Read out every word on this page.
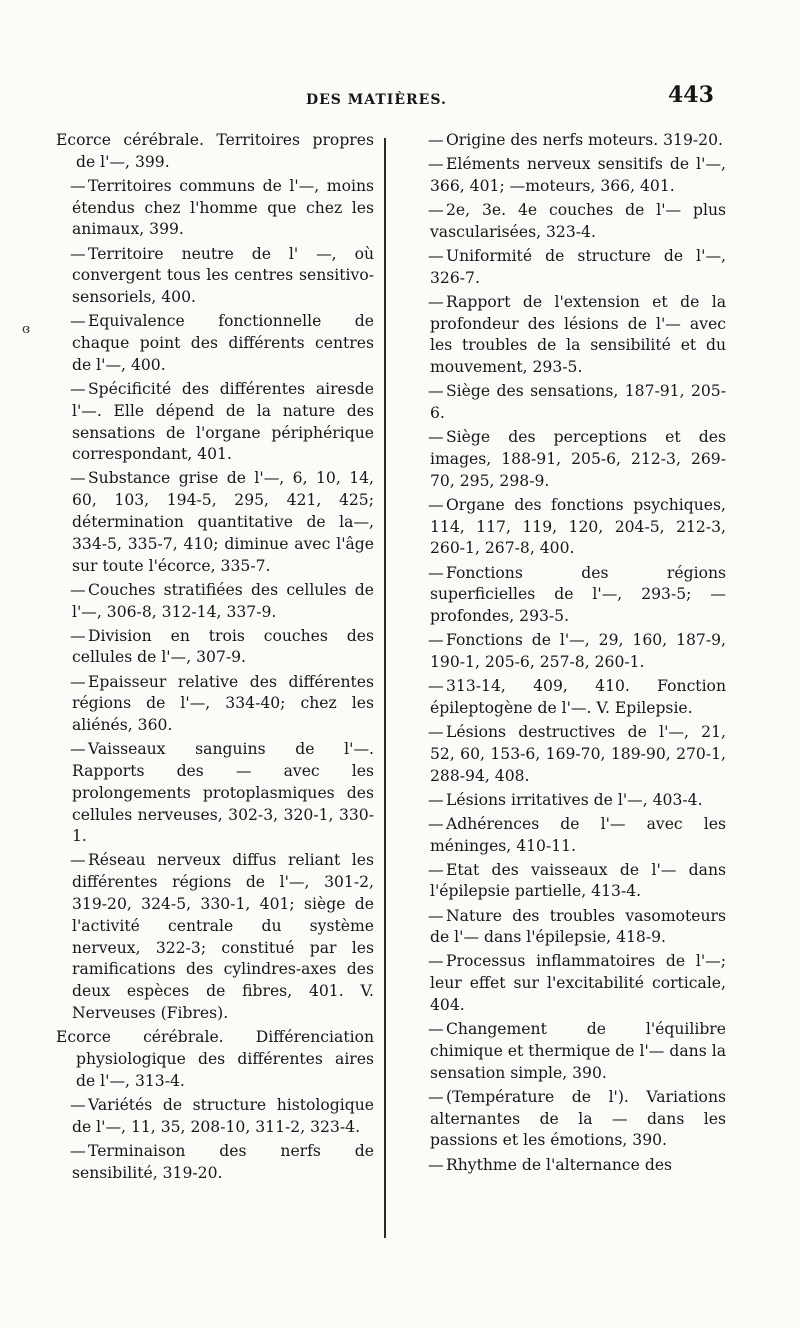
DES MATIÈRES.	443
ɞ

Ecorce cérébrale. Territoires propres de l'—, 399.

— Territoires communs de l'—, moins étendus chez l'homme que chez les animaux, 399.

— Territoire neutre de l' —, où convergent tous les centres sensitivo-sensoriels, 400.

— Equivalence fonctionnelle de chaque point des différents centres de l'—, 400.

— Spécificité des différentes airesde l'—. Elle dépend de la nature des sensations de l'organe périphérique correspondant, 401.

— Substance grise de l'—, 6, 10, 14, 60, 103, 194-5, 295, 421, 425; détermination quantitative de la—, 334-5, 335-7, 410; diminue avec l'âge sur toute l'écorce, 335-7.

— Couches stratifiées des cellules de l'—, 306-8, 312-14, 337-9.

— Division en trois couches des cellules de l'—, 307-9.

— Epaisseur relative des différentes régions de l'—, 334-40; chez les aliénés, 360.

— Vaisseaux sanguins de l'—. Rapports des — avec les prolongements protoplasmiques des cellules nerveuses, 302-3, 320-1, 330-1.

— Réseau nerveux diffus reliant les différentes régions de l'—, 301-2, 319-20, 324-5, 330-1, 401; siège de l'activité centrale du système nerveux, 322-3; constitué par les ramifications des cylindres-axes des deux espèces de fibres, 401. V. Nerveuses (Fibres).

Ecorce cérébrale. Différenciation physiologique des différentes aires de l'—, 313-4.

— Variétés de structure histologique de l'—, 11, 35, 208-10, 311-2, 323-4.

— Terminaison des nerfs de sensibilité, 319-20.

— Origine des nerfs moteurs. 319-20.

— Eléments nerveux sensitifs de l'—, 366, 401; —moteurs, 366, 401.

— 2e, 3e. 4e couches de l'— plus vascularisées, 323-4.

— Uniformité de structure de l'—, 326-7.

— Rapport de l'extension et de la profondeur des lésions de l'— avec les troubles de la sensibilité et du mouvement, 293-5.

— Siège des sensations, 187-91, 205-6.

— Siège des perceptions et des images, 188-91, 205-6, 212-3, 269-70, 295, 298-9.

— Organe des fonctions psychiques, 114, 117, 119, 120, 204-5, 212-3, 260-1, 267-8, 400.

— Fonctions des régions superficielles de l'—, 293-5; — profondes, 293-5.

— Fonctions de l'—, 29, 160, 187-9, 190-1, 205-6, 257-8, 260-1.

— 313-14, 409, 410. Fonction épileptogène de l'—. V. Epilepsie.

— Lésions destructives de l'—, 21, 52, 60, 153-6, 169-70, 189-90, 270-1, 288-94, 408.

— Lésions irritatives de l'—, 403-4.

— Adhérences de l'— avec les méninges, 410-11.

— Etat des vaisseaux de l'— dans l'épilepsie partielle, 413-4.

— Nature des troubles vasomoteurs de l'— dans l'épilepsie, 418-9.

— Processus inflammatoires de l'—; leur effet sur l'excitabilité corticale, 404.

— Changement de l'équilibre chimique et thermique de l'— dans la sensation simple, 390.

— (Température de l'). Variations alternantes de la — dans les passions et les émotions, 390.

— Rhythme de l'alternance des
